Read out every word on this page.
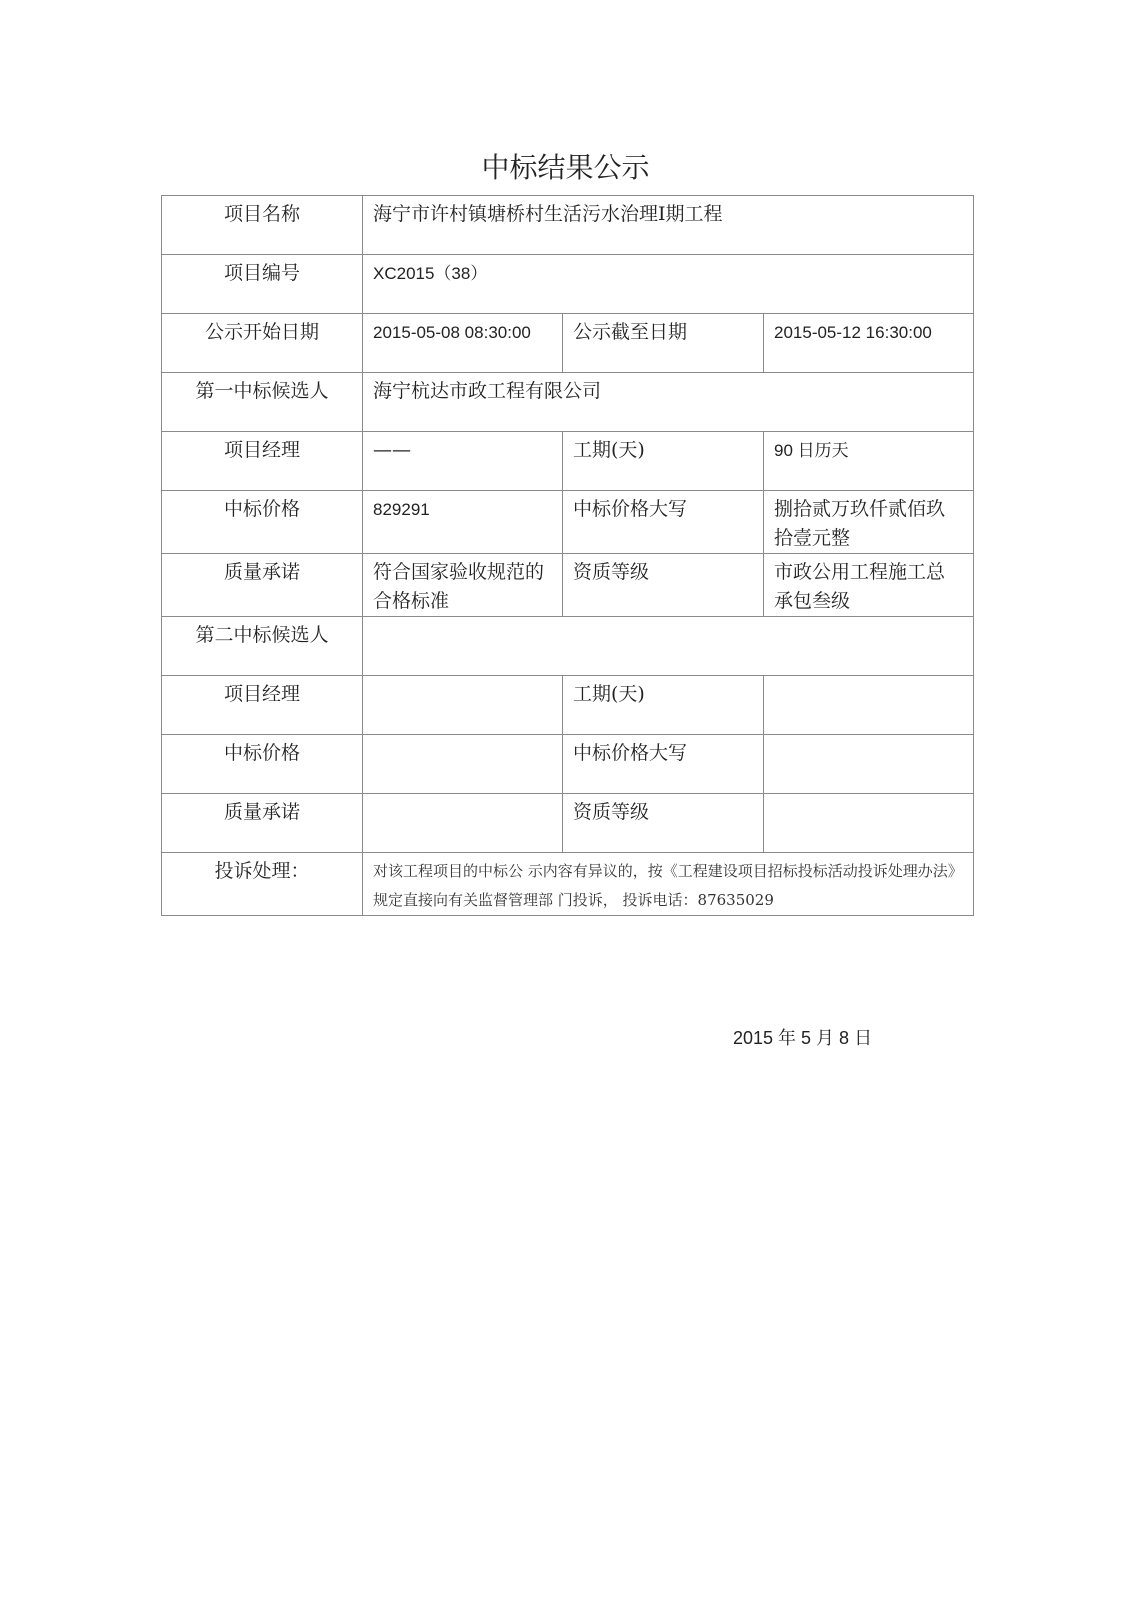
中标结果公示
项目名称	海宁市许村镇塘桥村生活污水治理Ⅰ期工程		
项目编号	XC2015（38）		
公示开始日期	2015-05-08 08:30:00	公示截至日期	2015-05-12 16:30:00
第一中标候选人	海宁杭达市政工程有限公司		
项目经理	——	工期(天)	90 日历天
中标价格	829291	中标价格大写	捌拾贰万玖仟贰佰玖拾壹元整
质量承诺	符合国家验收规范的合格标准	资质等级	市政公用工程施工总承包叁级
第二中标候选人			
项目经理		工期(天)	
中标价格		中标价格大写	
质量承诺		资质等级	
投诉处理：	对该工程项目的中标公 示内容有异议的，按《工程建设项目招标投标活动投诉处理办法》 规定直接向有关监督管理部 门投诉， 投诉电话：87635029		
2015 年 5 月 8 日
